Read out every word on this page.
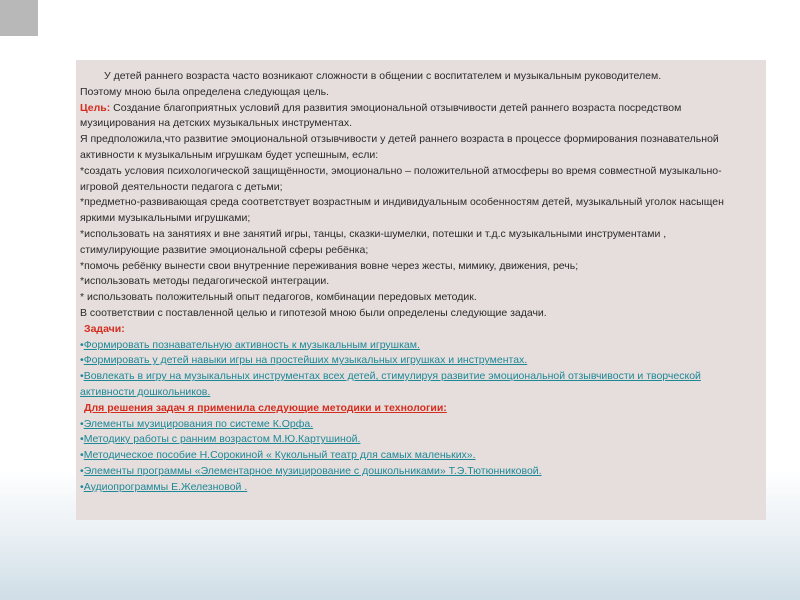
У детей раннего возраста часто возникают сложности в общении с воспитателем и музыкальным руководителем.

Поэтому мною была определена следующая цель.

Цель: Создание благоприятных условий для развития эмоциональной отзывчивости детей раннего возраста посредством музицирования на детских музыкальных инструментах.

Я предположила,что развитие эмоциональной отзывчивости у детей раннего возраста в процессе формирования познавательной активности к музыкальным игрушкам будет успешным, если:

*создать условия психологической защищённости, эмоционально – положительной атмосферы во время совместной музыкально- игровой деятельности педагога с детьми;

*предметно-развивающая среда соответствует возрастным и индивидуальным особенностям детей, музыкальный уголок насыщен яркими музыкальными игрушками;

*использовать на занятиях и вне занятий игры, танцы, сказки-шумелки, потешки и т.д.с музыкальными инструментами , стимулирующие развитие эмоциональной сферы ребёнка;

*помочь ребёнку вынести свои внутренние переживания вовне через жесты, мимику, движения, речь;

*использовать методы педагогической интеграции.

* использовать положительный опыт педагогов, комбинации передовых методик.

В соответствии с поставленной целью и гипотезой мною были определены следующие задачи.

Задачи:

•Формировать познавательную активность к музыкальным игрушкам.

•Формировать у детей навыки игры на простейших музыкальных игрушках и инструментах.

•Вовлекать в игру на музыкальных инструментах всех детей, стимулируя развитие эмоциональной отзывчивости и творческой активности дошкольников.

Для решения задач я применила следующие методики и технологии:

•Элементы музицирования по системе К.Орфа.

•Методику работы с ранним возрастом М.Ю.Картушиной.

•Методическое пособие Н.Сорокиной « Кукольный театр для самых маленьких».

•Элементы программы «Элементарное музицирование с дошкольниками» Т.Э.Тютюнниковой.

•Аудиопрограммы Е.Железновой .
